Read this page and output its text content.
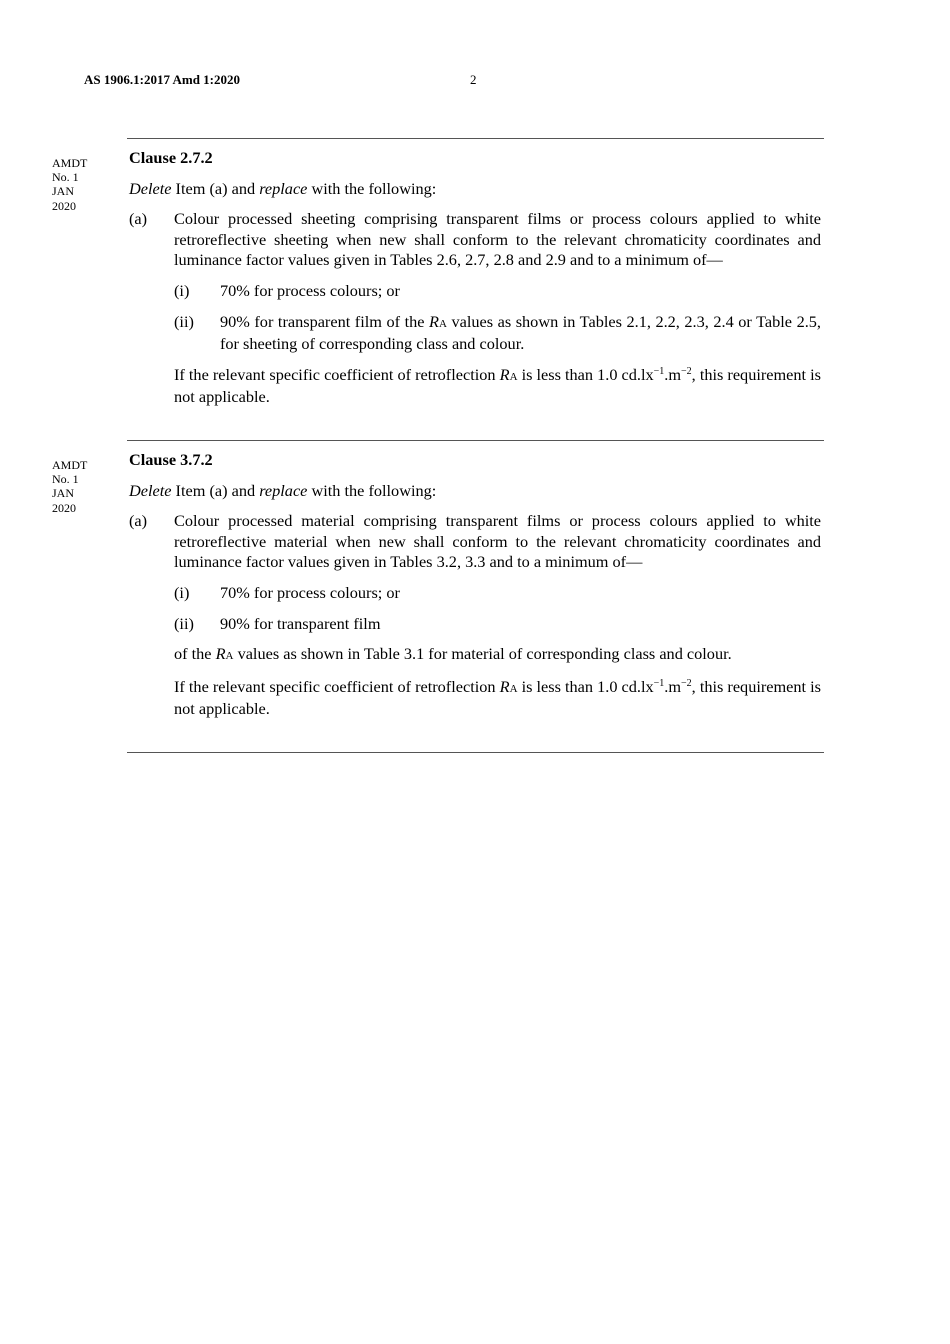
AS 1906.1:2017 Amd 1:2020	2
AMDT
No. 1
JAN
2020
Clause 2.7.2
Delete Item (a) and replace with the following:
(a) Colour processed sheeting comprising transparent films or process colours applied to white retroreflective sheeting when new shall conform to the relevant chromaticity coordinates and luminance factor values given in Tables 2.6, 2.7, 2.8 and 2.9 and to a minimum of—
(i) 70% for process colours; or
(ii) 90% for transparent film of the RA values as shown in Tables 2.1, 2.2, 2.3, 2.4 or Table 2.5, for sheeting of corresponding class and colour.
If the relevant specific coefficient of retroflection RA is less than 1.0 $cd.lx^{-1}.m^{-2}$, this requirement is not applicable.
AMDT
No. 1
JAN
2020
Clause 3.7.2
Delete Item (a) and replace with the following:
(a) Colour processed material comprising transparent films or process colours applied to white retroreflective material when new shall conform to the relevant chromaticity coordinates and luminance factor values given in Tables 3.2, 3.3 and to a minimum of—
(i) 70% for process colours; or
(ii) 90% for transparent film
of the RA values as shown in Table 3.1 for material of corresponding class and colour.
If the relevant specific coefficient of retroflection RA is less than 1.0 $cd.lx^{-1}.m^{-2}$, this requirement is not applicable.
